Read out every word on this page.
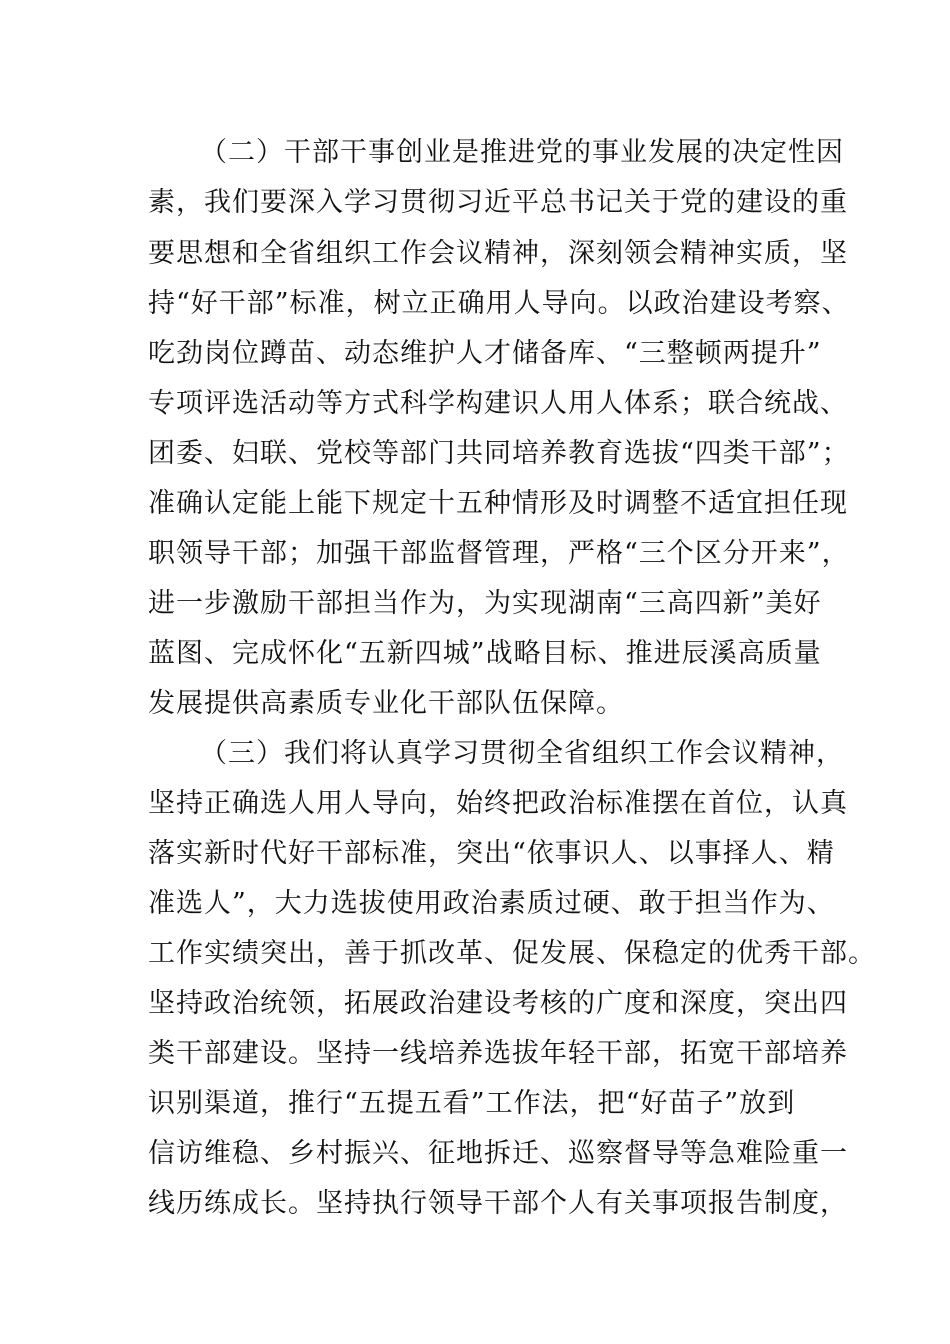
（二）干部干事创业是推进党的事业发展的决定性因
素，我们要深入学习贯彻习近平总书记关于党的建设的重
要思想和全省组织工作会议精神，深刻领会精神实质，坚
持“好干部”标准，树立正确用人导向。以政治建设考察、
吃劲岗位蹲苗、动态维护人才储备库、“三整顿两提升”
专项评选活动等方式科学构建识人用人体系；联合统战、
团委、妇联、党校等部门共同培养教育选拔“四类干部”；
准确认定能上能下规定十五种情形及时调整不适宜担任现
职领导干部；加强干部监督管理，严格“三个区分开来”，
进一步激励干部担当作为，为实现湖南“三高四新”美好
蓝图、完成怀化“五新四城”战略目标、推进辰溪高质量
发展提供高素质专业化干部队伍保障。
（三）我们将认真学习贯彻全省组织工作会议精神，
坚持正确选人用人导向，始终把政治标准摆在首位，认真
落实新时代好干部标准，突出“依事识人、以事择人、精
准选人”，大力选拔使用政治素质过硬、敢于担当作为、
工作实绩突出，善于抓改革、促发展、保稳定的优秀干部。
坚持政治统领，拓展政治建设考核的广度和深度，突出四
类干部建设。坚持一线培养选拔年轻干部，拓宽干部培养
识别渠道，推行“五提五看”工作法，把“好苗子”放到
信访维稳、乡村振兴、征地拆迁、巡察督导等急难险重一
线历练成长。坚持执行领导干部个人有关事项报告制度，
